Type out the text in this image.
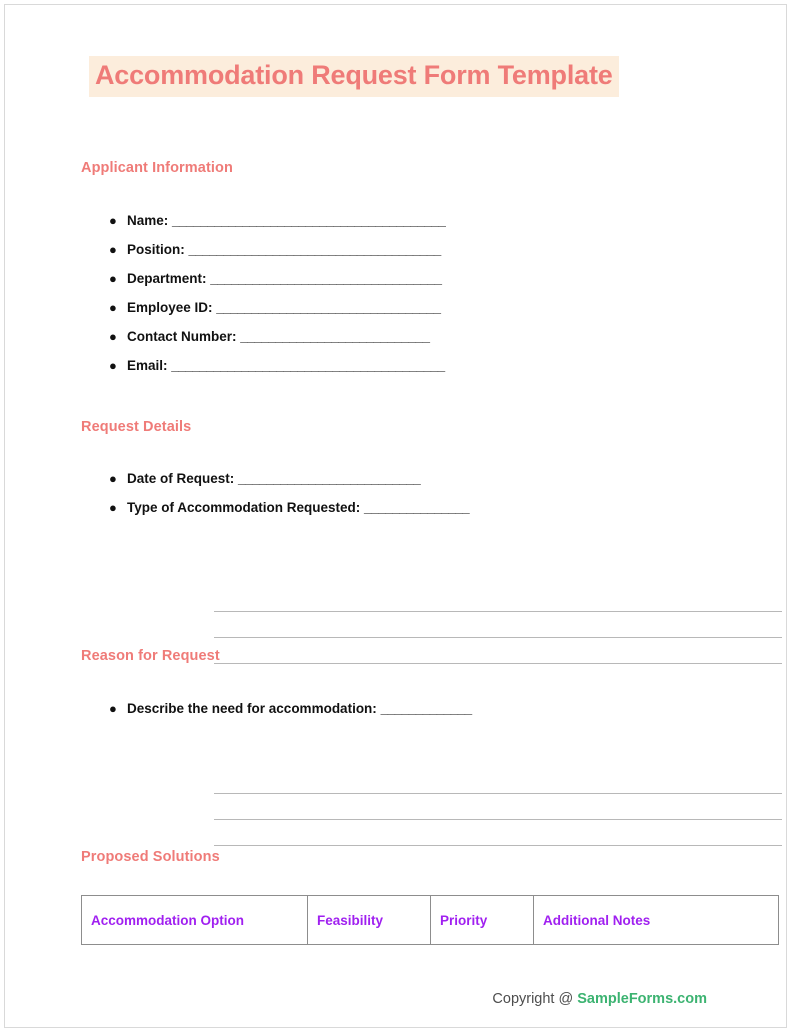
Accommodation Request Form Template
Applicant Information
● Name: _______________________________________
● Position: ____________________________________
● Department: _________________________________
● Employee ID: ________________________________
● Contact Number: ___________________________
● Email: _______________________________________
Request Details
● Date of Request: __________________________
● Type of Accommodation Requested: _______________
Reason for Request
● Describe the need for accommodation: _____________
Proposed Solutions
Accommodation Option	Feasibility	Priority	Additional Notes
Copyright @ SampleForms.com
